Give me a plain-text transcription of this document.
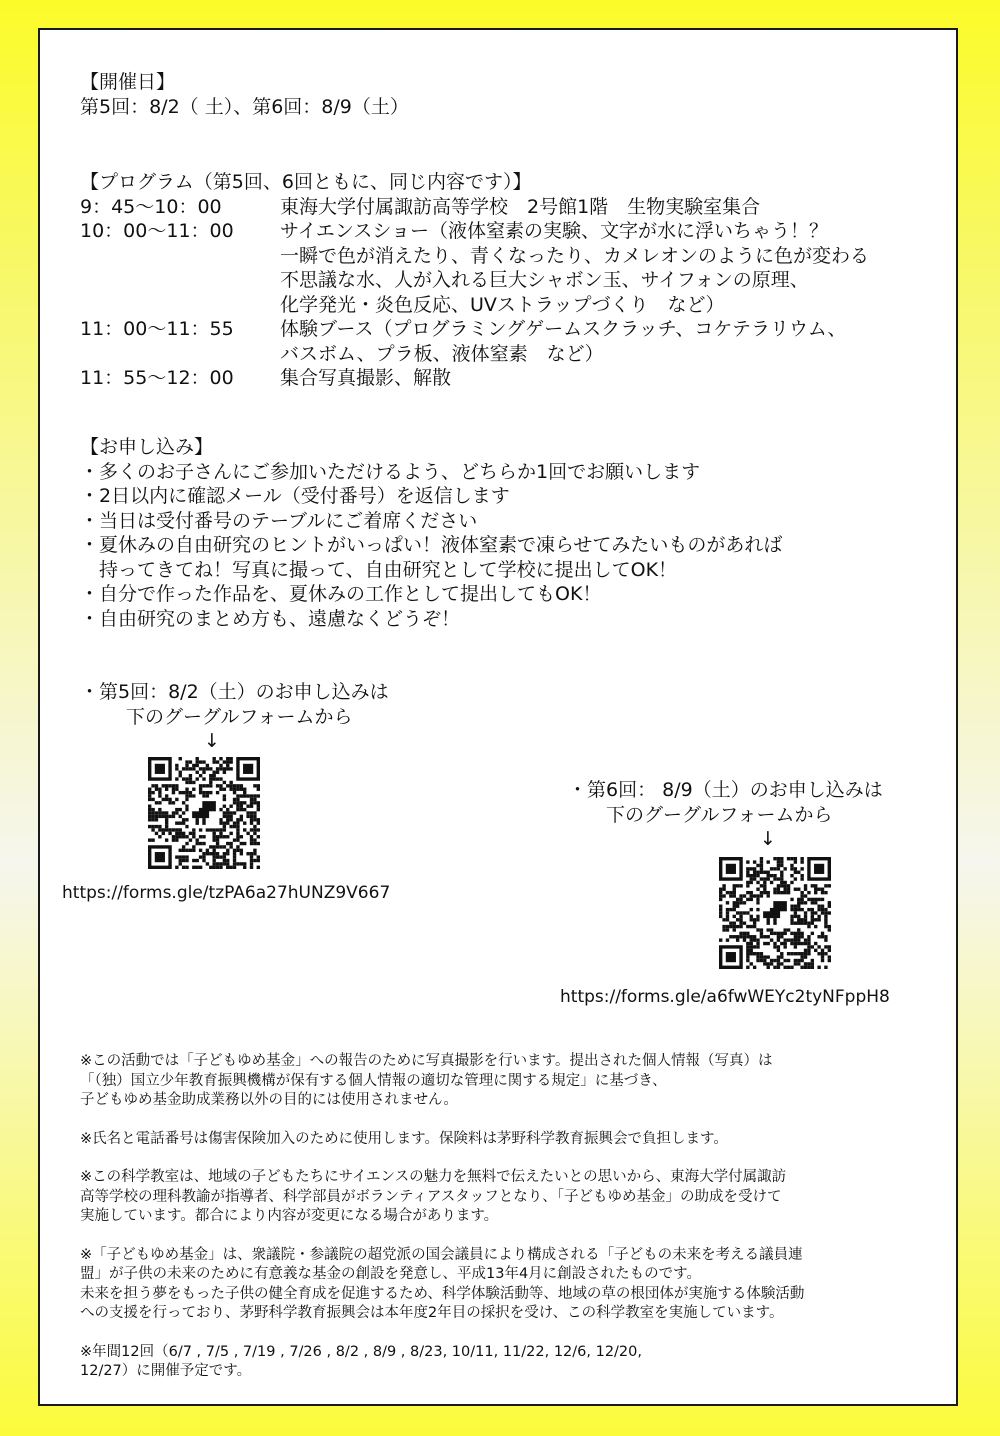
【開催日】
第5回：8/2（ 土）、第6回：8/9（土）
【プログラム（第5回、6回ともに、同じ内容です）】
9：45〜10：00	東海大学付属諏訪高等学校　2号館1階　生物実験室集合
10：00〜11：00 サイエンスショー（液体窒素の実験、文字が水に浮いちゃう！？
一瞬で色が消えたり、青くなったり、カメレオンのように色が変わる
不思議な水、人が入れる巨大シャボン玉、サイフォンの原理、
化学発光・炎色反応、UVストラップづくり　など）
11：00〜11：55 体験ブース（プログラミングゲームスクラッチ、コケテラリウム、
バスボム、プラ板、液体窒素　など）
11：55〜12：00 集合写真撮影、解散
【お申し込み】
・多くのお子さんにご参加いただけるよう、どちらか1回でお願いします
・2日以内に確認メール（受付番号）を返信します
・当日は受付番号のテーブルにご着席ください
・夏休みの自由研究のヒントがいっぱい！液体窒素で凍らせてみたいものがあれば
　持ってきてね！写真に撮って、自由研究として学校に提出してOK！
・自分で作った作品を、夏休みの工作として提出してもOK！
・自由研究のまとめ方も、遠慮なくどうぞ！
・第5回：8/2（土）のお申し込みは
下のグーグルフォームから
↓
https://forms.gle/tzPA6a27hUNZ9V667
・第6回： 8/9（土）のお申し込みは
下のグーグルフォームから
↓
https://forms.gle/a6fwWEYc2tyNFppH8
※この活動では「子どもゆめ基金」への報告のために写真撮影を行います。提出された個人情報（写真）は
「（独）国立少年教育振興機構が保有する個人情報の適切な管理に関する規定」に基づき、
子どもゆめ基金助成業務以外の目的には使用されません。
※氏名と電話番号は傷害保険加入のために使用します。保険料は茅野科学教育振興会で負担します。
※この科学教室は、地域の子どもたちにサイエンスの魅力を無料で伝えたいとの思いから、東海大学付属諏訪
高等学校の理科教諭が指導者、科学部員がボランティアスタッフとなり、「子どもゆめ基金」の助成を受けて
実施しています。都合により内容が変更になる場合があります。
※「子どもゆめ基金」は、衆議院・参議院の超党派の国会議員により構成される「子どもの未来を考える議員連
盟」が子供の未来のために有意義な基金の創設を発意し、平成13年4月に創設されたものです。
未来を担う夢をもった子供の健全育成を促進するため、科学体験活動等、地域の草の根団体が実施する体験活動
への支援を行っており、茅野科学教育振興会は本年度2年目の採択を受け、この科学教室を実施しています。
※年間12回（6/7 , 7/5 , 7/19 , 7/26 , 8/2 , 8/9 , 8/23, 10/11, 11/22, 12/6, 12/20,
12/27）に開催予定です。
